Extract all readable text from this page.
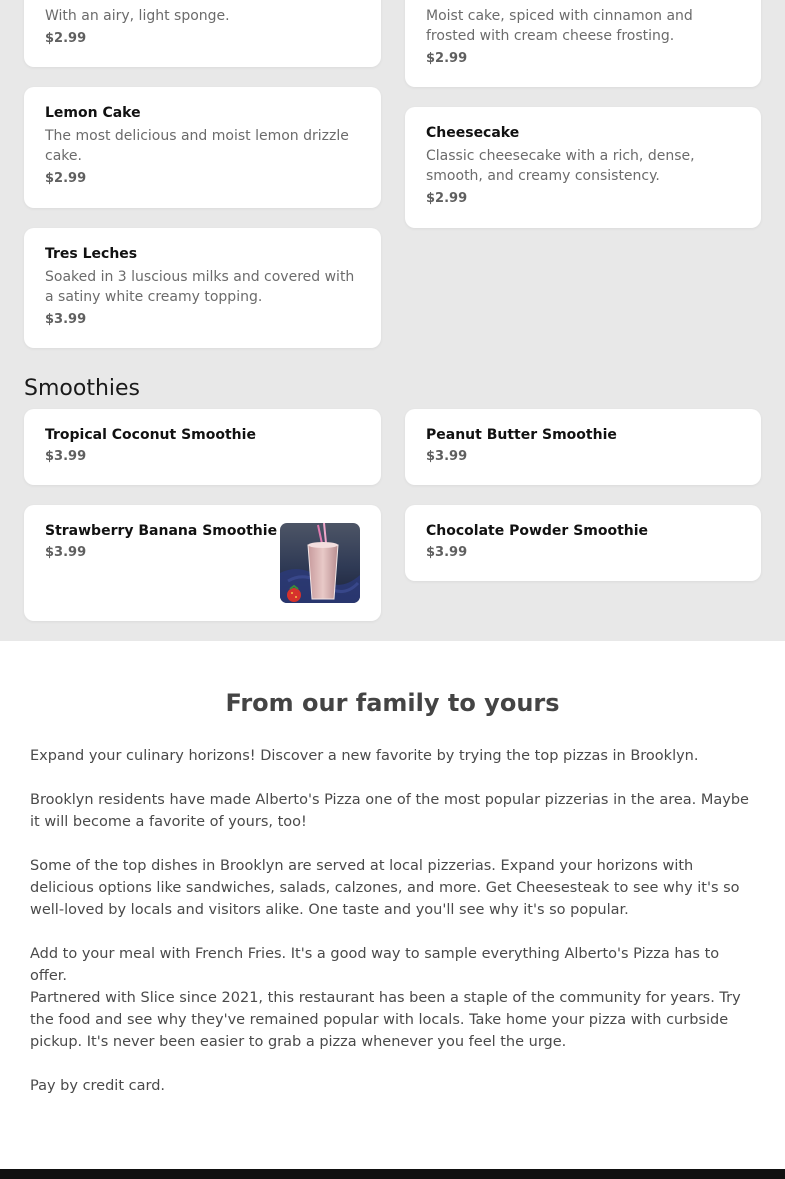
With an airy, light sponge.
$2.99
Lemon Cake
The most delicious and moist lemon drizzle cake.
$2.99
Tres Leches
Soaked in 3 luscious milks and covered with a satiny white creamy topping.
$3.99
Moist cake, spiced with cinnamon and frosted with cream cheese frosting.
$2.99
Cheesecake
Classic cheesecake with a rich, dense, smooth, and creamy consistency.
$2.99
Smoothies
Tropical Coconut Smoothie
$3.99
Peanut Butter Smoothie
$3.99
Strawberry Banana Smoothie
$3.99
Chocolate Powder Smoothie
$3.99
From our family to yours

Expand your culinary horizons! Discover a new favorite by trying the top pizzas in Brooklyn.

Brooklyn residents have made Alberto's Pizza one of the most popular pizzerias in the area. Maybe it will become a favorite of yours, too!

Some of the top dishes in Brooklyn are served at local pizzerias. Expand your horizons with delicious options like sandwiches, salads, calzones, and more. Get Cheesesteak to see why it's so well-loved by locals and visitors alike. One taste and you'll see why it's so popular.

Add to your meal with French Fries. It's a good way to sample everything Alberto's Pizza has to offer.

Partnered with Slice since 2021, this restaurant has been a staple of the community for years. Try the food and see why they've remained popular with locals. Take home your pizza with curbside pickup. It's never been easier to grab a pizza whenever you feel the urge.

Pay by credit card.
